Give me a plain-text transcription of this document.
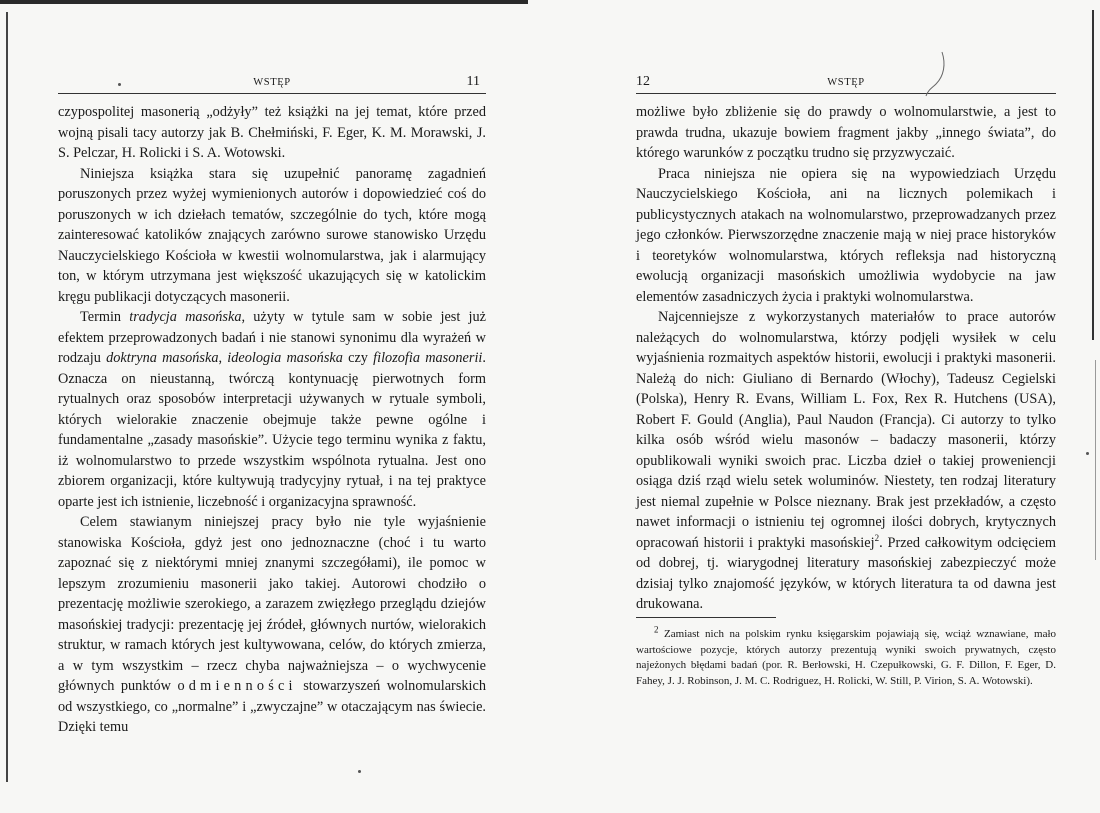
WSTĘP	11

czypospolitej masonerią „odżyły” też książki na jej temat, które przed wojną pisali tacy autorzy jak B. Chełmiński, F. Eger, K. M. Morawski, J. S. Pelczar, H. Rolicki i S. A. Wotowski.

Niniejsza książka stara się uzupełnić panoramę zagadnień poruszonych przez wyżej wymienionych autorów i dopowiedzieć coś do poruszonych w ich dziełach tematów, szczególnie do tych, które mogą zainteresować katolików znających zarówno surowe stanowisko Urzędu Nauczycielskiego Kościoła w kwestii wolnomularstwa, jak i alarmujący ton, w którym utrzymana jest większość ukazujących się w katolickim kręgu publikacji dotyczących masonerii.

Termin tradycja masońska, użyty w tytule sam w sobie jest już efektem przeprowadzonych badań i nie stanowi synonimu dla wyrażeń w rodzaju doktryna masońska, ideologia masońska czy filozofia masonerii. Oznacza on nieustanną, twórczą kontynuację pierwotnych form rytualnych oraz sposobów interpretacji używanych w rytuale symboli, których wielorakie znaczenie obejmuje także pewne ogólne i fundamentalne „zasady masońskie”. Użycie tego terminu wynika z faktu, iż wolnomularstwo to przede wszystkim wspólnota rytualna. Jest ono zbiorem organizacji, które kultywują tradycyjny rytuał, i na tej praktyce oparte jest ich istnienie, liczebność i organizacyjna sprawność.

Celem stawianym niniejszej pracy było nie tyle wyjaśnienie stanowiska Kościoła, gdyż jest ono jednoznaczne (choć i tu warto zapoznać się z niektórymi mniej znanymi szczegółami), ile pomoc w lepszym zrozumieniu masonerii jako takiej. Autorowi chodziło o prezentację możliwie szerokiego, a zarazem zwięzłego przeglądu dziejów masońskiej tradycji: prezentację jej źródeł, głównych nurtów, wielorakich struktur, w ramach których jest kultywowana, celów, do których zmierza, a w tym wszystkim – rzecz chyba najważniejsza – o wychwycenie głównych punktów odmienności stowarzyszeń wolnomularskich od wszystkiego, co „normalne” i „zwyczajne” w otaczającym nas świecie. Dzięki temu

12	WSTĘP

możliwe było zbliżenie się do prawdy o wolnomularstwie, a jest to prawda trudna, ukazuje bowiem fragment jakby „innego świata”, do którego warunków z początku trudno się przyzwyczaić.

Praca niniejsza nie opiera się na wypowiedziach Urzędu Nauczycielskiego Kościoła, ani na licznych polemikach i publicystycznych atakach na wolnomularstwo, przeprowadzanych przez jego członków. Pierwszorzędne znaczenie mają w niej prace historyków i teoretyków wolnomularstwa, których refleksja nad historyczną ewolucją organizacji masońskich umożliwia wydobycie na jaw elementów zasadniczych życia i praktyki wolnomularstwa.

Najcenniejsze z wykorzystanych materiałów to prace autorów należących do wolnomularstwa, którzy podjęli wysiłek w celu wyjaśnienia rozmaitych aspektów historii, ewolucji i praktyki masonerii. Należą do nich: Giuliano di Bernardo (Włochy), Tadeusz Cegielski (Polska), Henry R. Evans, William L. Fox, Rex R. Hutchens (USA), Robert F. Gould (Anglia), Paul Naudon (Francja). Ci autorzy to tylko kilka osób wśród wielu masonów – badaczy masonerii, którzy opublikowali wyniki swoich prac. Liczba dzieł o takiej proweniencji osiąga dziś rząd wielu setek woluminów. Niestety, ten rodzaj literatury jest niemal zupełnie w Polsce nieznany. Brak jest przekładów, a często nawet informacji o istnieniu tej ogromnej ilości dobrych, krytycznych opracowań historii i praktyki masońskiej$^2$. Przed całkowitym odcięciem od dobrej, tj. wiarygodnej literatury masońskiej zabezpieczyć może dzisiaj tylko znajomość języków, w których literatura ta od dawna jest drukowana.

$^2$ Zamiast nich na polskim rynku księgarskim pojawiają się, wciąż wznawiane, mało wartościowe pozycje, których autorzy prezentują wyniki swoich prywatnych, często najeżonych błędami badań (por. R. Berłowski, H. Czepułkowski, G. F. Dillon, F. Eger, D. Fahey, J. J. Robinson, J. M. C. Rodriguez, H. Rolicki, W. Still, P. Virion, S. A. Wotowski).
